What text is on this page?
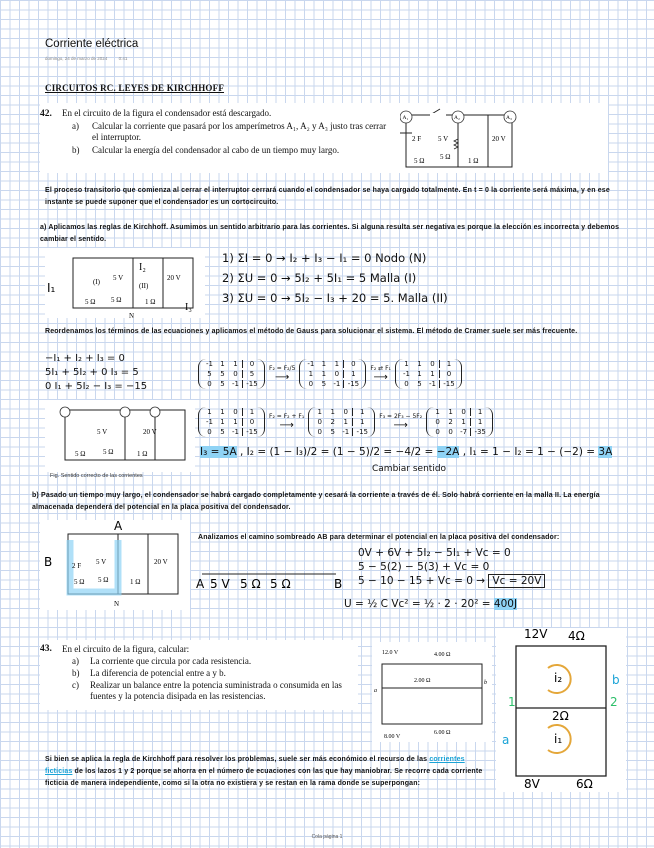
Corriente eléctrica
domingo, 24 de marzo de 2024	0:41
CIRCUITOS RC. LEYES DE KIRCHHOFF
42. En el circuito de la figura el condensador está descargado.
a) Calcular la corriente que pasará por los amperímetros A₁, A₂ y A₃ justo tras cerrar el interruptor.
b) Calcular la energía del condensador al cabo de un tiempo muy largo.
A₁	A₂	A₃
2 F 5 V	20 V
5 Ω 5 Ω	1 Ω
El proceso transitorio que comienza al cerrar el interruptor cerrará cuando el condensador se haya cargado totalmente. En t = 0 la corriente será máxima, y en ese instante se puede suponer que el condensador es un cortocircuito.
a) Aplicamos las reglas de Kirchhoff. Asumimos un sentido arbitrario para las corrientes. Si alguna resulta ser negativa es porque la elección es incorrecta y debemos cambiar el sentido.
I₁
I₂
I₃
(I)	(II)
5 V	20 V
5 Ω 5 Ω	1 Ω
N
1) ΣI = 0 → I₂ + I₃ − I₁ = 0 Nodo (N)
2) ΣU = 0 → 5I₂ + 5I₁ = 5 Malla (I)
3) ΣU = 0 → 5I₂ − I₃ + 20 = 5. Malla (II)
Reordenamos los términos de las ecuaciones y aplicamos el método de Gauss para solucionar el sistema. El método de Cramer suele ser más frecuente.
−I₁ + I₂ + I₃ = 0
5I₁ + 5I₂ + 0 I₃ = 5
0 I₁ + 5I₂ − I₃ = −15
-1	1	1	0
5	5	0	5
0	5	-1	-15
F₂ = F₂/5
⟶
-1	1	1	0
1	1	0	1
0	5	-1	-15
F₂ ⇄ F₁
⟶
1	1	0	1
-1	1	1	0
0	5	-1	-15
1	1	0	1
-1	1	1	0
0	5	-1	-15
F₂ = F₂ + F₁
⟶
1	1	0	1
0	2	1	1
0	5	-1	-15
F₃ = 2F₃ − 5F₂
⟶
1	1	0	1
0	2	1	1
0	0	-7	-35
5 V	20 V
5 Ω	5 Ω	1 Ω
Fig. Sentido correcto de las corrientes
I₃ = 5A , I₂ = (1 − I₃)/2 = (1 − 5)/2 = −4/2 = −2A , I₁ = 1 − I₂ = 1 − (−2) = 3A
Cambiar sentido
b) Pasado un tiempo muy largo, el condensador se habrá cargado completamente y cesará la corriente a través de él. Solo habrá corriente en la malla II. La energía almacenada dependerá del potencial en la placa positiva del condensador.
A
B	2 F 5 V	20 V
5 Ω 5 Ω	1 Ω
N
Analizamos el camino sombreado AB para determinar el potencial en la placa positiva del condensador:
A	B
5 V 5 Ω 5 Ω
0V + 6V + 5I₂ − 5I₁ + Vc = 0
5 − 5(2) − 5(3) + Vc = 0
5 − 10 − 15 + Vc = 0 → Vc = 20V
U = ½ C Vc² = ½ · 2 · 20² = 400J
43. En el circuito de la figura, calcular:
a) La corriente que circula por cada resistencia.
b) La diferencia de potencial entre a y b.
c) Realizar un balance entre la potencia suministrada o consumida en las fuentes y la potencia disipada en las resistencias.
12.0 V	4.00 Ω
2.00 Ω
8.00 V
6.00 Ω
a
b
12V 4Ω
i₂
i₁
2Ω
8V	6Ω
a
b
1	2
Si bien se aplica la regla de Kirchhoff para resolver los problemas, suele ser más económico el recurso de las corrientes ficticias de los lazos 1 y 2 porque se ahorra en el número de ecuaciones con las que hay maniobrar. Se recorre cada corriente ficticia de manera independiente, como si la otra no existiera y se restan en la rama donde se superpongan:
Cola página 1
